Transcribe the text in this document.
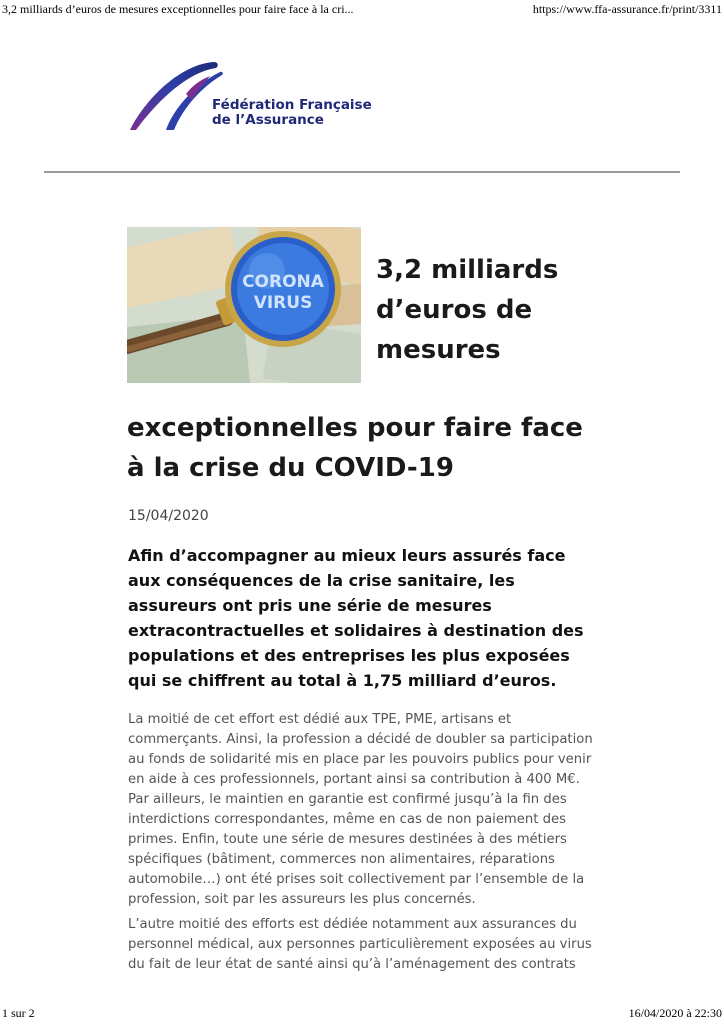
3,2 milliards d’euros de mesures exceptionnelles pour faire face à la cri...	https://www.ffa-assurance.fr/print/3311
Fédération Française
de l’Assurance
CORONA
VIRUS
3,2 milliards
d’euros de
mesures
exceptionnelles pour faire face
à la crise du COVID-19
15/04/2020
Afin d’accompagner au mieux leurs assurés face aux conséquences de la crise sanitaire, les assureurs ont pris une série de mesures extracontractuelles et solidaires à destination des populations et des entreprises les plus exposées qui se chiffrent au total à 1,75 milliard d’euros.
La moitié de cet effort est dédié aux TPE, PME, artisans et commerçants. Ainsi, la profession a décidé de doubler sa participation au fonds de solidarité mis en place par les pouvoirs publics pour venir en aide à ces professionnels, portant ainsi sa contribution à 400 M€. Par ailleurs, le maintien en garantie est confirmé jusqu’à la fin des interdictions correspondantes, même en cas de non paiement des primes. Enfin, toute une série de mesures destinées à des métiers spécifiques (bâtiment, commerces non alimentaires, réparations automobile…) ont été prises soit collectivement par l’ensemble de la profession, soit par les assureurs les plus concernés.
L’autre moitié des efforts est dédiée notamment aux assurances du personnel médical, aux personnes particulièrement exposées au virus du fait de leur état de santé ainsi qu’à l’aménagement des contrats
1 sur 2	16/04/2020 à 22:30
